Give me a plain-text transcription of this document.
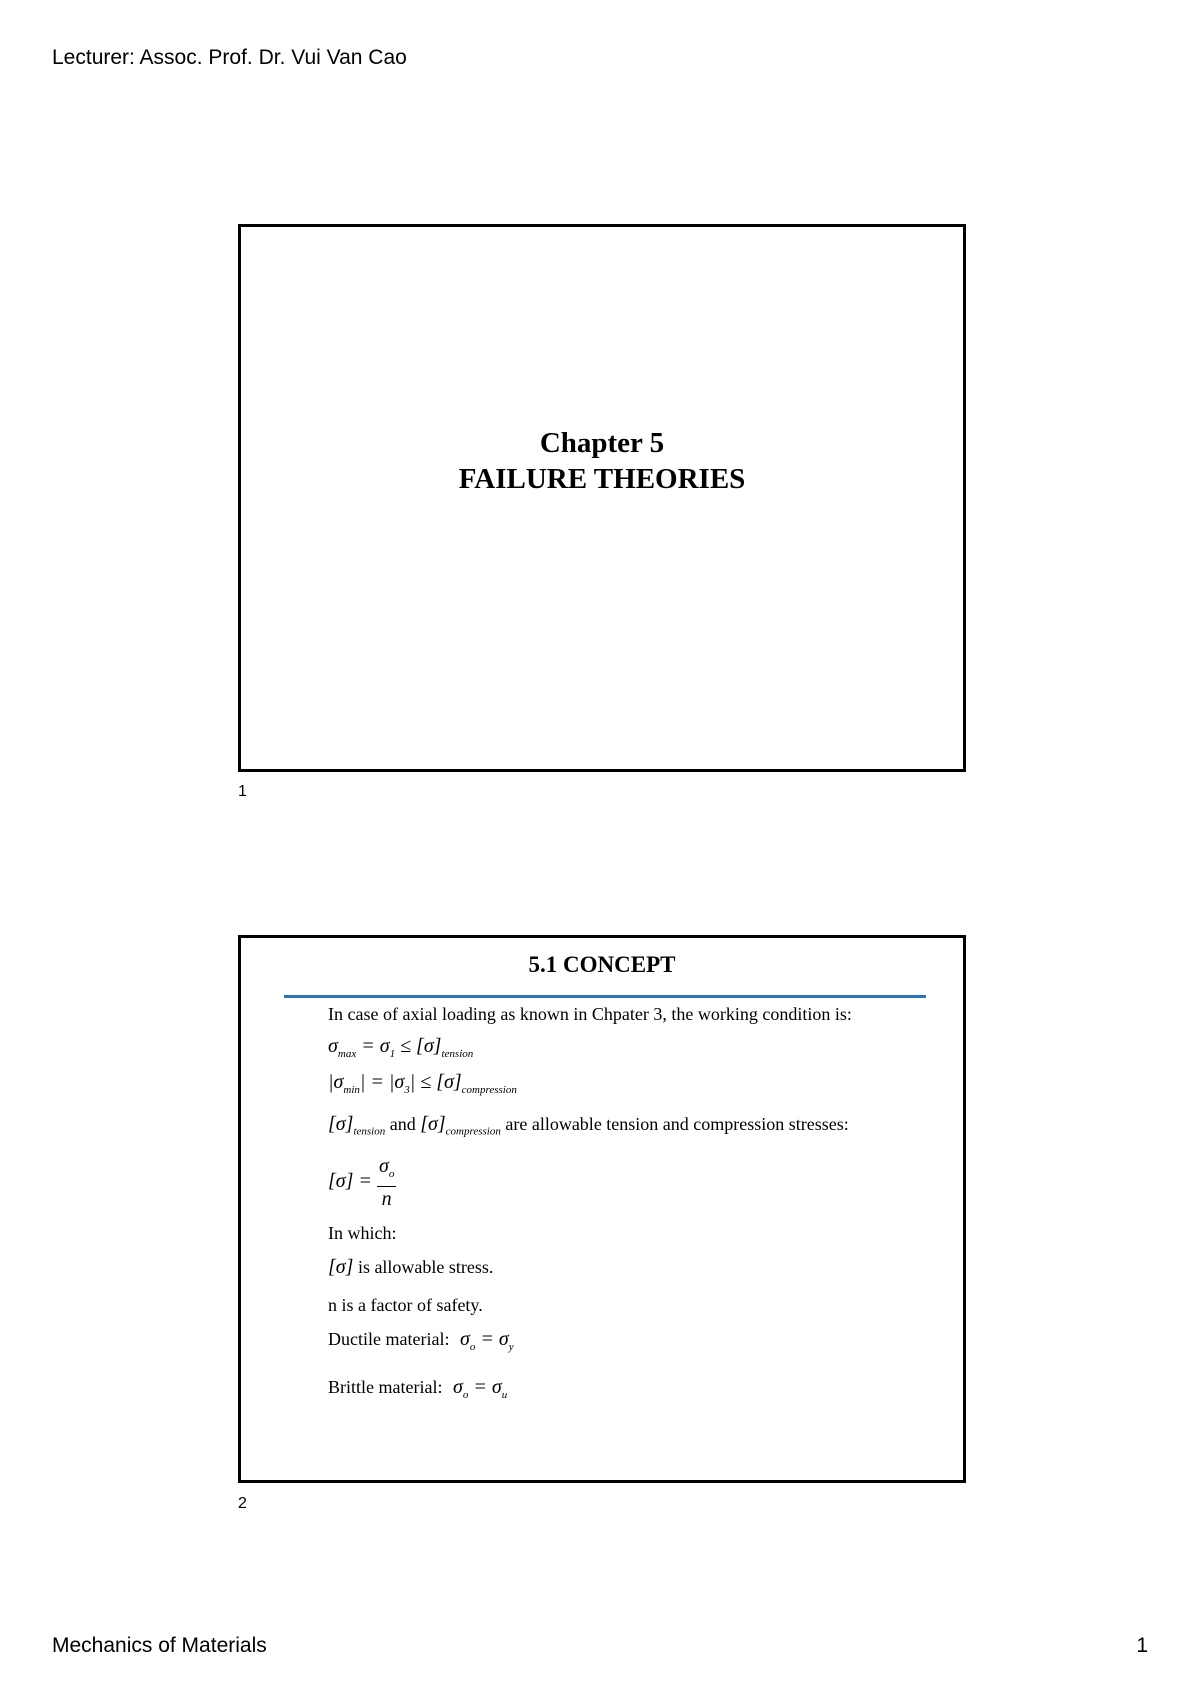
Lecturer: Assoc. Prof. Dr. Vui Van Cao
Chapter 5
FAILURE THEORIES
1
5.1 CONCEPT

In case of axial loading as known in Chpater 3, the working condition is:

$\sigma_{max} = \sigma_1 \le [\sigma]_{tension}$
$|\sigma_{min}| = |\sigma_3| \le [\sigma]_{compression}$

$[\sigma]_{tension}$ and $[\sigma]_{compression}$ are allowable tension and compression stresses:

$[\sigma] = \frac{\sigma_o}{n}$

In which:

[σ] is allowable stress.
n is a factor of safety.
Ductile material: $\sigma_o = \sigma_y$
Brittle material: $\sigma_o = \sigma_u$
2
Mechanics of Materials	1
